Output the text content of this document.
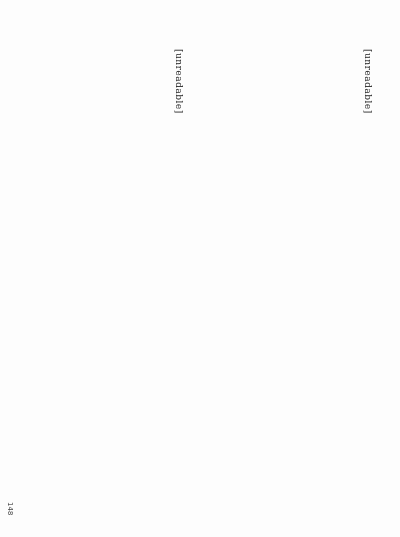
[unreadable]

[unreadable]

148
